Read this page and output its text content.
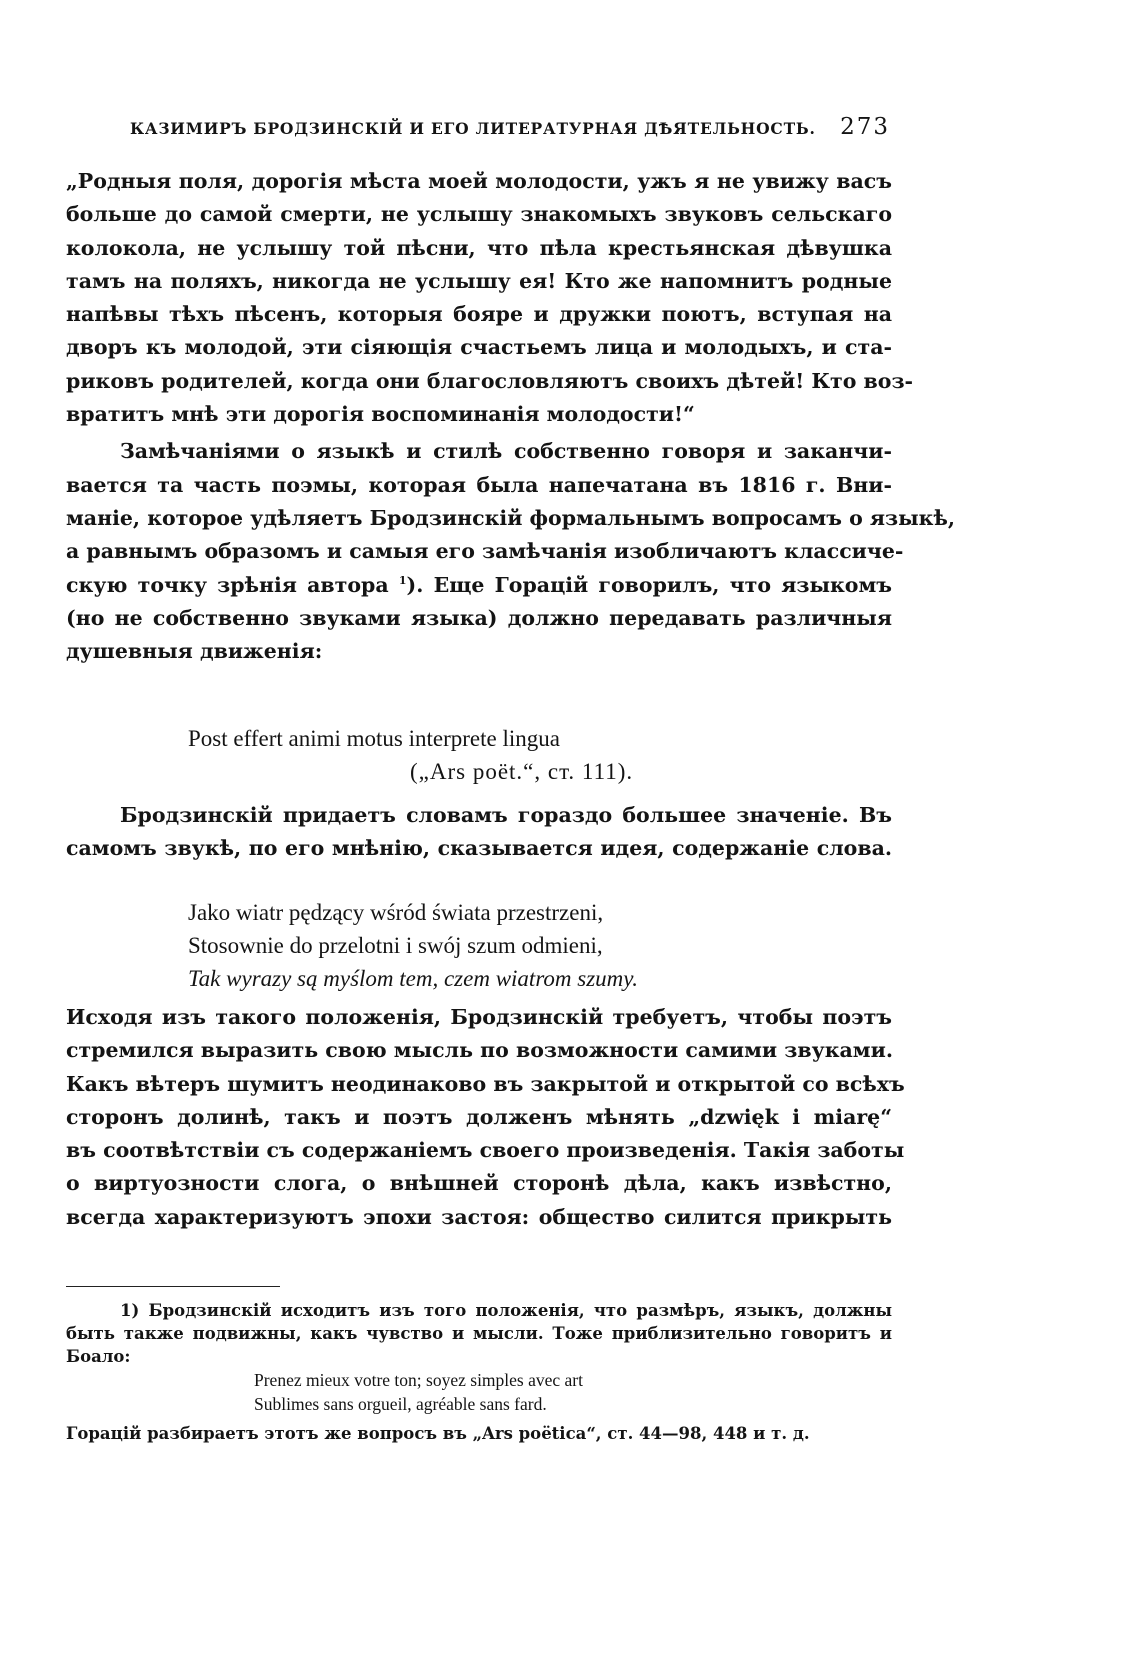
КАЗИМИРЪ БРОДЗИНСКІЙ И ЕГО ЛИТЕРАТУРНАЯ ДѢЯТЕЛЬНОСТЬ. 273
„Родныя поля, дорогія мѣста моей молодости, ужъ я не увижу васъ
больше до самой смерти, не услышу знакомыхъ звуковъ сельскаго
колокола, не услышу той пѣсни, что пѣла крестьянская дѣвушка
тамъ на поляхъ, никогда не услышу ея! Кто же напомнитъ родные
напѣвы тѣхъ пѣсенъ, которыя бояре и дружки поютъ, вступая на
дворъ къ молодой, эти сіяющія счастьемъ лица и молодыхъ, и ста-
риковъ родителей, когда они благословляютъ своихъ дѣтей! Кто воз-
вратитъ мнѣ эти дорогія воспоминанія молодости!“
Замѣчаніями о языкѣ и стилѣ собственно говоря и заканчи-
вается та часть поэмы, которая была напечатана въ 1816 г. Вни-
маніе, которое удѣляетъ Бродзинскій формальнымъ вопросамъ о языкѣ,
а равнымъ образомъ и самыя его замѣчанія изобличаютъ классиче-
скую точку зрѣнія автора $^1$). Еще Горацій говорилъ, что языкомъ
(но не собственно звуками языка) должно передавать различныя
душевныя движенія:
Post effert animi motus interprete lingua
(„Ars poët.“, ст. 111).
Бродзинскій придаетъ словамъ гораздо большее значеніе. Въ
самомъ звукѣ, по его мнѣнію, сказывается идея, содержаніе слова.
Jako wiatr pędzący wśród świata przestrzeni,
Stosownie do przelotni i swój szum odmieni,
Tak wyrazy są myślom tem, czem wiatrom szumy.
Исходя изъ такого положенія, Бродзинскій требуетъ, чтобы поэтъ
стремился выразить свою мысль по возможности самими звуками.
Какъ вѣтеръ шумитъ неодинаково въ закрытой и открытой со всѣхъ
сторонъ долинѣ, такъ и поэтъ долженъ мѣнять „dzwięk i miarę“
въ соотвѣтствіи съ содержаніемъ своего произведенія. Такія заботы
о виртуозности слога, о внѣшней сторонѣ дѣла, какъ извѣстно,
всегда характеризуютъ эпохи застоя: общество силится прикрыть
1) Бродзинскій исходитъ изъ того положенія, что размѣръ, языкъ, должны
быть также подвижны, какъ чувство и мысли. Тоже приблизительно говоритъ и
Боало:
Prenez mieux votre ton; soyez simples avec art
Sublimes sans orgueil, agréable sans fard.
Горацій разбираетъ этотъ же вопросъ въ „Ars poëtica“, ст. 44—98, 448 и т. д.
